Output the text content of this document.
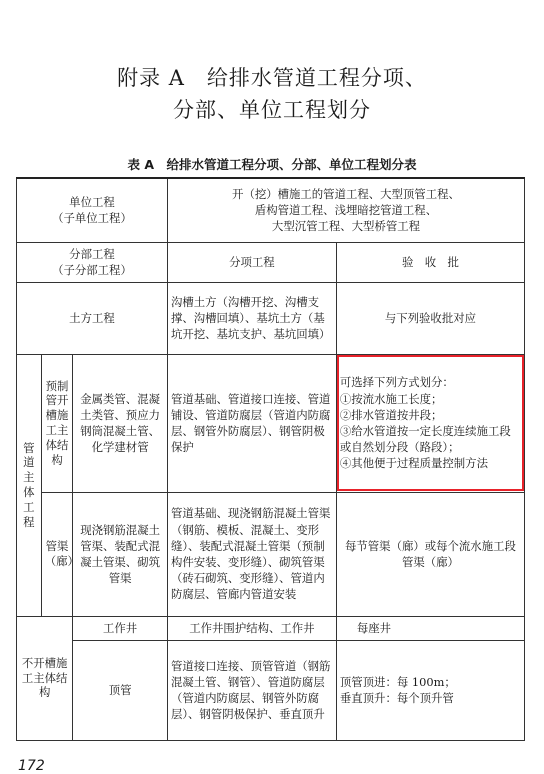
附录 A　给排水管道工程分项、
分部、单位工程划分
表 A　给排水管道工程分项、分部、单位工程划分表
单位工程
（子单位工程）			开（挖）槽施工的管道工程、大型顶管工程、
盾构管道工程、浅埋暗挖管道工程、
大型沉管工程、大型桥管工程	
分部工程
（子分部工程）			分项工程	验　收　批
土方工程			沟槽土方（沟槽开挖、沟槽支撑、沟槽回填）、基坑土方（基坑开挖、基坑支护、基坑回填）	与下列验收批对应

管道主体工程	预制管开槽施工主体结构	金属类管、混凝土类管、预应力钢筒混凝土管、化学建材管	管道基础、管道接口连接、管道铺设、管道防腐层（管道内防腐层、钢管外防腐层）、钢管阴极保护	可选择下列方式划分：
①按流水施工长度；
②排水管道按井段；
③给水管道按一定长度连续施工段或自然划分段（路段）；
④其他便于过程质量控制方法

	管渠（廊）	现浇钢筋混凝土管渠、装配式混凝土管渠、砌筑管渠	管道基础、现浇钢筋混凝土管渠（钢筋、模板、混凝土、变形缝）、装配式混凝土管渠（预制构件安装、变形缝）、砌筑管渠（砖石砌筑、变形缝）、管道内防腐层、管廊内管道安装	每节管渠（廊）或每个流水施工段管渠（廊）

不开槽施工主体结构		工作井	工作井围护结构、工作井	每座井
		顶管	管道接口连接、顶管管道（钢筋混凝土管、钢管）、管道防腐层（管道内防腐层、钢管外防腐层）、钢管阴极保护、垂直顶升	顶管顶进：每 100m；
垂直顶升：每个顶升管
172
